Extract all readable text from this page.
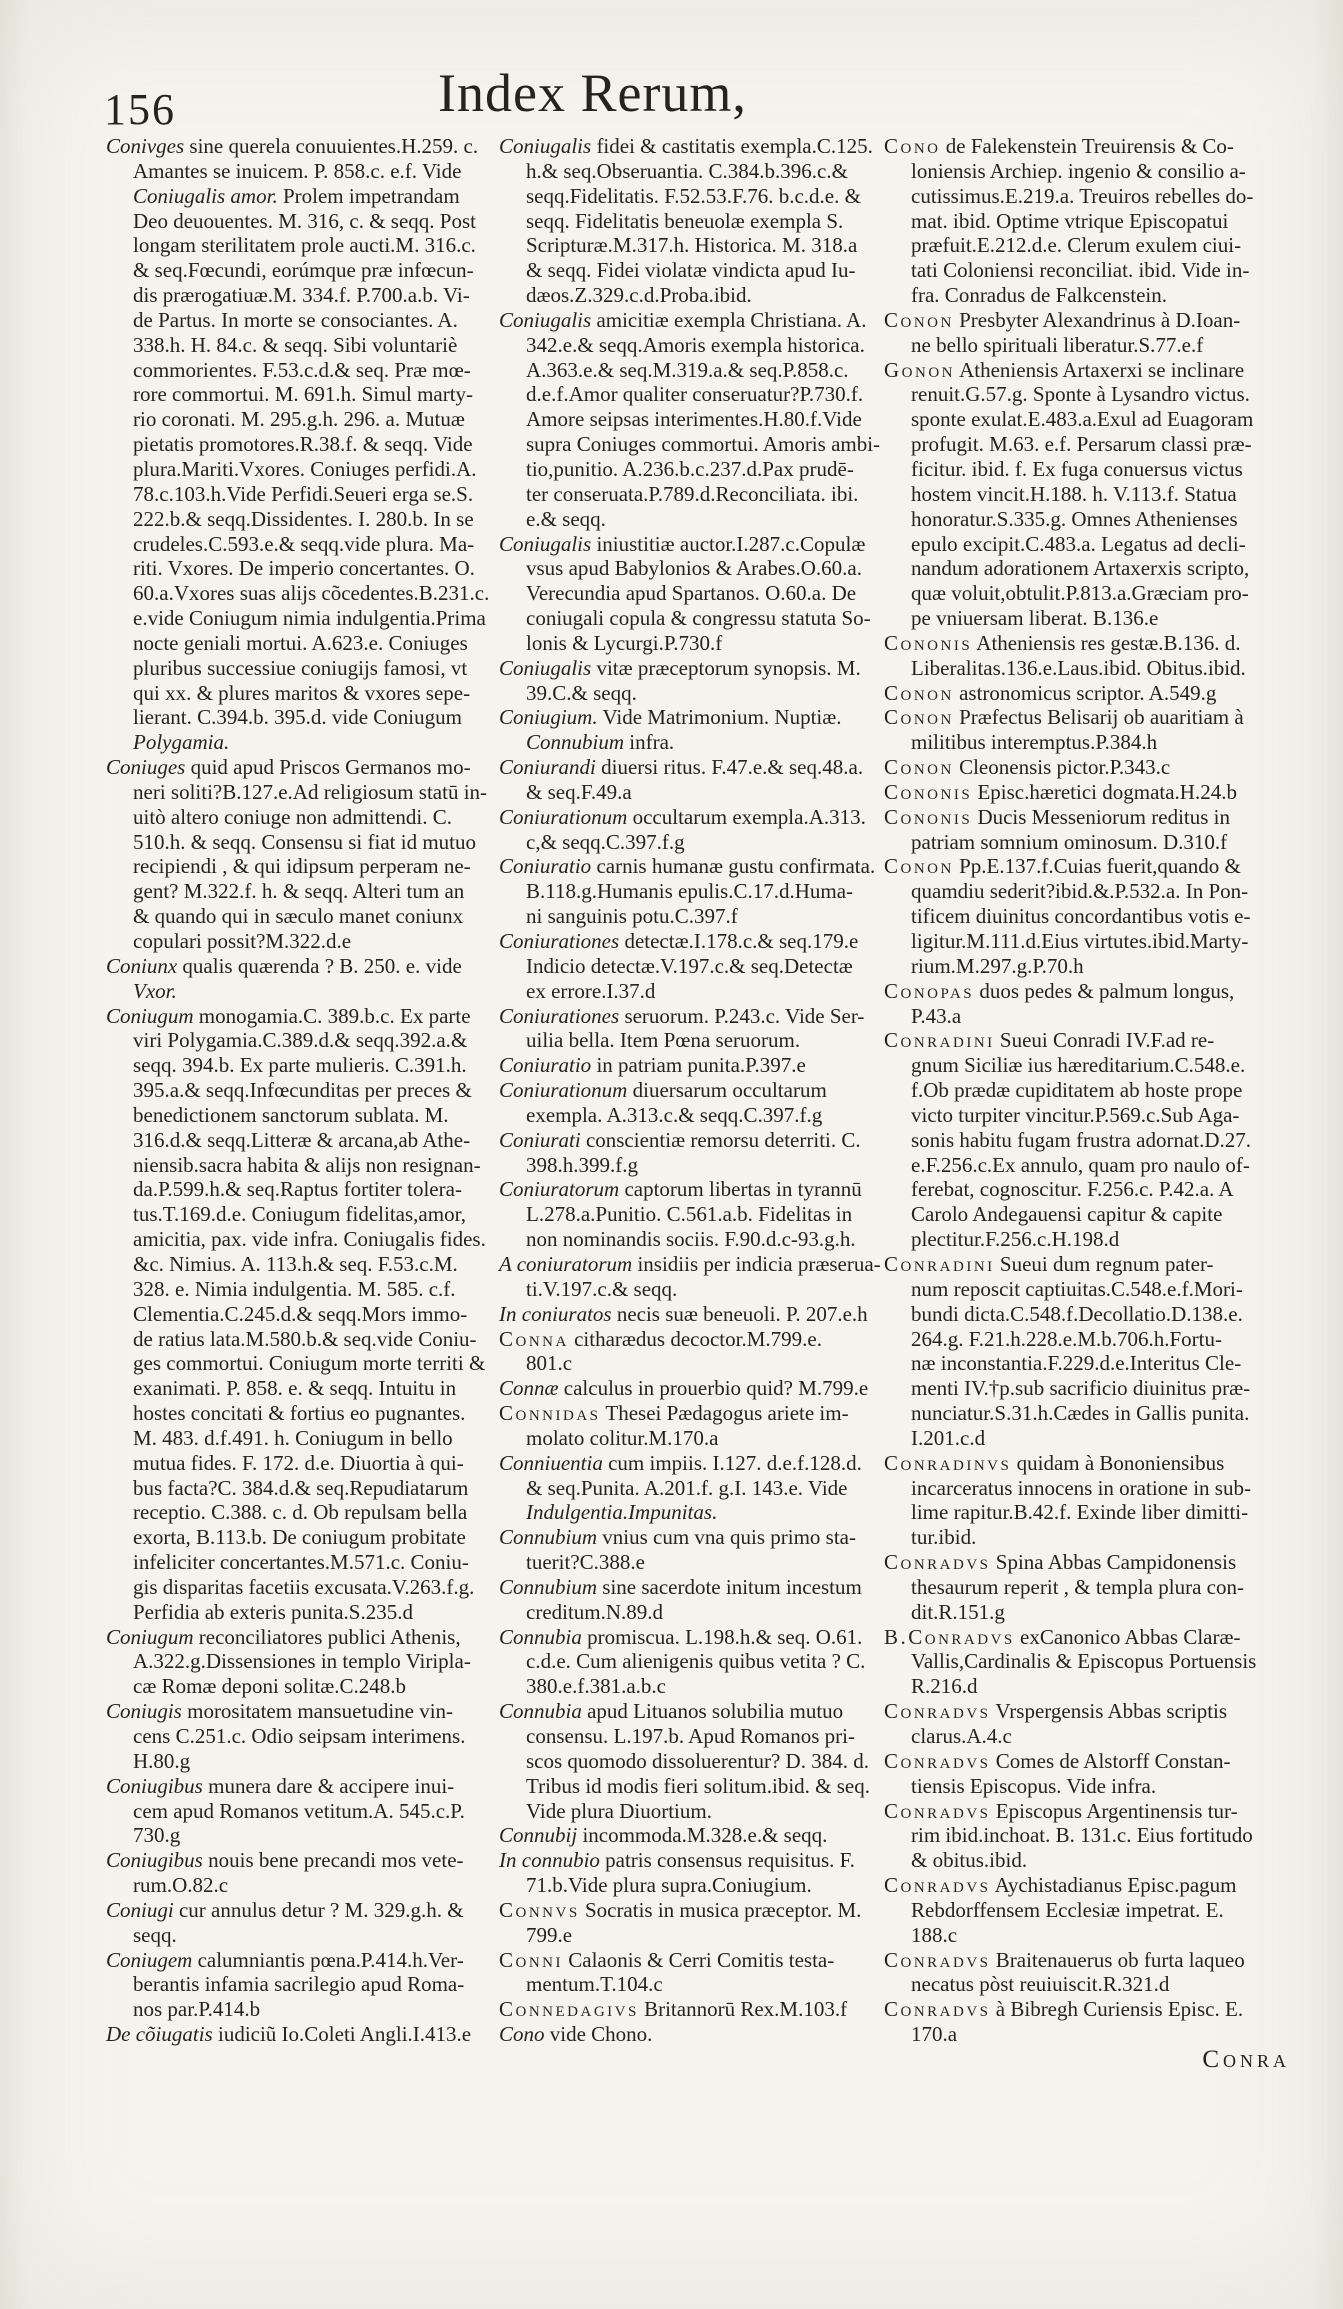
156	Index Rerum,
Conivges sine querela conuuientes.H.259. c.
Amantes se inuicem. P. 858.c. e.f. Vide
Coniugalis amor. Prolem impetrandam
Deo deuouentes. M. 316, c. & seqq. Post
longam sterilitatem prole aucti.M. 316.c.
& seq.Fœcundi, eorúmque præ infœcun-
dis prærogatiuæ.M. 334.f. P.700.a.b. Vi-
de Partus. In morte se consociantes. A.
338.h. H. 84.c. & seqq. Sibi voluntariè
commorientes. F.53.c.d.& seq. Præ mœ-
rore commortui. M. 691.h. Simul marty-
rio coronati. M. 295.g.h. 296. a. Mutuæ
pietatis promotores.R.38.f. & seqq. Vide
plura.Mariti.Vxores. Coniuges perfidi.A.
78.c.103.h.Vide Perfidi.Seueri erga se.S.
222.b.& seqq.Dissidentes. I. 280.b. In se
crudeles.C.593.e.& seqq.vide plura. Ma-
riti. Vxores. De imperio concertantes. O.
60.a.Vxores suas alijs cõcedentes.B.231.c.
e.vide Coniugum nimia indulgentia.Prima
nocte geniali mortui. A.623.e. Coniuges
pluribus successiue coniugijs famosi, vt
qui xx. & plures maritos & vxores sepe-
lierant. C.394.b. 395.d. vide Coniugum
Polygamia.
Coniuges quid apud Priscos Germanos mo-
neri soliti?B.127.e.Ad religiosum statū in-
uitò altero coniuge non admittendi. C.
510.h. & seqq. Consensu si fiat id mutuo
recipiendi , & qui idipsum perperam ne-
gent? M.322.f. h. & seqq. Alteri tum an
& quando qui in sæculo manet coniunx
copulari possit?M.322.d.e
Coniunx qualis quærenda ? B. 250. e. vide
Vxor.
Coniugum monogamia.C. 389.b.c. Ex parte
viri Polygamia.C.389.d.& seqq.392.a.&
seqq. 394.b. Ex parte mulieris. C.391.h.
395.a.& seqq.Infœcunditas per preces &
benedictionem sanctorum sublata. M.
316.d.& seqq.Litteræ & arcana,ab Athe-
niensib.sacra habita & alijs non resignan-
da.P.599.h.& seq.Raptus fortiter tolera-
tus.T.169.d.e. Coniugum fidelitas,amor,
amicitia, pax. vide infra. Coniugalis fides.
&c. Nimius. A. 113.h.& seq. F.53.c.M.
328. e. Nimia indulgentia. M. 585. c.f.
Clementia.C.245.d.& seqq.Mors immo-
de ratius lata.M.580.b.& seq.vide Coniu-
ges commortui. Coniugum morte territi &
exanimati. P. 858. e. & seqq. Intuitu in
hostes concitati & fortius eo pugnantes.
M. 483. d.f.491. h. Coniugum in bello
mutua fides. F. 172. d.e. Diuortia à qui-
bus facta?C. 384.d.& seq.Repudiatarum
receptio. C.388. c. d. Ob repulsam bella
exorta, B.113.b. De coniugum probitate
infeliciter concertantes.M.571.c. Coniu-
gis disparitas facetiis excusata.V.263.f.g.
Perfidia ab exteris punita.S.235.d
Coniugum reconciliatores publici Athenis,
A.322.g.Dissensiones in templo Viripla-
cæ Romæ deponi solitæ.C.248.b
Coniugis morositatem mansuetudine vin-
cens C.251.c. Odio seipsam interimens.
H.80.g
Coniugibus munera dare & accipere inui-
cem apud Romanos vetitum.A. 545.c.P.
730.g
Coniugibus nouis bene precandi mos vete-
rum.O.82.c
Coniugi cur annulus detur ? M. 329.g.h. &
seqq.
Coniugem calumniantis pœna.P.414.h.Ver-
berantis infamia sacrilegio apud Roma-
nos par.P.414.b
De cõiugatis iudiciũ Io.Coleti Angli.I.413.e
Coniugalis fidei & castitatis exempla.C.125.
h.& seq.Obseruantia. C.384.b.396.c.&
seqq.Fidelitatis. F.52.53.F.76. b.c.d.e. &
seqq. Fidelitatis beneuolæ exempla S.
Scripturæ.M.317.h. Historica. M. 318.a
& seqq. Fidei violatæ vindicta apud Iu-
dæos.Z.329.c.d.Proba.ibid.
Coniugalis amicitiæ exempla Christiana. A.
342.e.& seqq.Amoris exempla historica.
A.363.e.& seq.M.319.a.& seq.P.858.c.
d.e.f.Amor qualiter conseruatur?P.730.f.
Amore seipsas interimentes.H.80.f.Vide
supra Coniuges commortui. Amoris ambi-
tio,punitio. A.236.b.c.237.d.Pax prudē-
ter conseruata.P.789.d.Reconciliata. ibi.
e.& seqq.
Coniugalis iniustitiæ auctor.I.287.c.Copulæ
vsus apud Babylonios & Arabes.O.60.a.
Verecundia apud Spartanos. O.60.a. De
coniugali copula & congressu statuta So-
lonis & Lycurgi.P.730.f
Coniugalis vitæ præceptorum synopsis. M.
39.C.& seqq.
Coniugium. Vide Matrimonium. Nuptiæ.
Connubium infra.
Coniurandi diuersi ritus. F.47.e.& seq.48.a.
& seq.F.49.a
Coniurationum occultarum exempla.A.313.
c,& seqq.C.397.f.g
Coniuratio carnis humanæ gustu confirmata.
B.118.g.Humanis epulis.C.17.d.Huma-
ni sanguinis potu.C.397.f
Coniurationes detectæ.I.178.c.& seq.179.e
Indicio detectæ.V.197.c.& seq.Detectæ
ex errore.I.37.d
Coniurationes seruorum. P.243.c. Vide Ser-
uilia bella. Item Pœna seruorum.
Coniuratio in patriam punita.P.397.e
Coniurationum diuersarum occultarum
exempla. A.313.c.& seqq.C.397.f.g
Coniurati conscientiæ remorsu deterriti. C.
398.h.399.f.g
Coniuratorum captorum libertas in tyrannū
L.278.a.Punitio. C.561.a.b. Fidelitas in
non nominandis sociis. F.90.d.c-93.g.h.
A coniuratorum insidiis per indicia præserua-
ti.V.197.c.& seqq.
In coniuratos necis suæ beneuoli. P. 207.e.h
Conna citharædus decoctor.M.799.e.
801.c
Connæ calculus in prouerbio quid? M.799.e
Connidas Thesei Pædagogus ariete im-
molato colitur.M.170.a
Conniuentia cum impiis. I.127. d.e.f.128.d.
& seq.Punita. A.201.f. g.I. 143.e. Vide
Indulgentia.Impunitas.
Connubium vnius cum vna quis primo sta-
tuerit?C.388.e
Connubium sine sacerdote initum incestum
creditum.N.89.d
Connubia promiscua. L.198.h.& seq. O.61.
c.d.e. Cum alienigenis quibus vetita ? C.
380.e.f.381.a.b.c
Connubia apud Lituanos solubilia mutuo
consensu. L.197.b. Apud Romanos pri-
scos quomodo dissoluerentur? D. 384. d.
Tribus id modis fieri solitum.ibid. & seq.
Vide plura Diuortium.
Connubij incommoda.M.328.e.& seqq.
In connubio patris consensus requisitus. F.
71.b.Vide plura supra.Coniugium.
Connvs Socratis in musica præceptor. M.
799.e
Conni Calaonis & Cerri Comitis testa-
mentum.T.104.c
Connedagivs Britannorū Rex.M.103.f
Cono vide Chono.
Cono de Falekenstein Treuirensis & Co-
loniensis Archiep. ingenio & consilio a-
cutissimus.E.219.a. Treuiros rebelles do-
mat. ibid. Optime vtrique Episcopatui
præfuit.E.212.d.e. Clerum exulem ciui-
tati Coloniensi reconciliat. ibid. Vide in-
fra. Conradus de Falkcenstein.
Conon Presbyter Alexandrinus à D.Ioan-
ne bello spirituali liberatur.S.77.e.f
Gonon Atheniensis Artaxerxi se inclinare
renuit.G.57.g. Sponte à Lysandro victus.
sponte exulat.E.483.a.Exul ad Euagoram
profugit. M.63. e.f. Persarum classi præ-
ficitur. ibid. f. Ex fuga conuersus victus
hostem vincit.H.188. h. V.113.f. Statua
honoratur.S.335.g. Omnes Athenienses
epulo excipit.C.483.a. Legatus ad decli-
nandum adorationem Artaxerxis scripto,
quæ voluit,obtulit.P.813.a.Græciam pro-
pe vniuersam liberat. B.136.e
Cononis Atheniensis res gestæ.B.136. d.
Liberalitas.136.e.Laus.ibid. Obitus.ibid.
Conon astronomicus scriptor. A.549.g
Conon Præfectus Belisarij ob auaritiam à
militibus interemptus.P.384.h
Conon Cleonensis pictor.P.343.c
Cononis Episc.hæretici dogmata.H.24.b
Cononis Ducis Messeniorum reditus in
patriam somnium ominosum. D.310.f
Conon Pp.E.137.f.Cuias fuerit,quando &
quamdiu sederit?ibid.&.P.532.a. In Pon-
tificem diuinitus concordantibus votis e-
ligitur.M.111.d.Eius virtutes.ibid.Marty-
rium.M.297.g.P.70.h
Conopas duos pedes & palmum longus,
P.43.a
Conradini Sueui Conradi IV.F.ad re-
gnum Siciliæ ius hæreditarium.C.548.e.
f.Ob prædæ cupiditatem ab hoste prope
victo turpiter vincitur.P.569.c.Sub Aga-
sonis habitu fugam frustra adornat.D.27.
e.F.256.c.Ex annulo, quam pro naulo of-
ferebat, cognoscitur. F.256.c. P.42.a. A
Carolo Andegauensi capitur & capite
plectitur.F.256.c.H.198.d
Conradini Sueui dum regnum pater-
num reposcit captiuitas.C.548.e.f.Mori-
bundi dicta.C.548.f.Decollatio.D.138.e.
264.g. F.21.h.228.e.M.b.706.h.Fortu-
næ inconstantia.F.229.d.e.Interitus Cle-
menti IV.†p.sub sacrificio diuinitus præ-
nunciatur.S.31.h.Cædes in Gallis punita.
I.201.c.d
Conradinvs quidam à Bononiensibus
incarceratus innocens in oratione in sub-
lime rapitur.B.42.f. Exinde liber dimitti-
tur.ibid.
Conradvs Spina Abbas Campidonensis
thesaurum reperit , & templa plura con-
dit.R.151.g
B.Conradvs exCanonico Abbas Claræ-
Vallis,Cardinalis & Episcopus Portuensis
R.216.d
Conradvs Vrspergensis Abbas scriptis
clarus.A.4.c
Conradvs Comes de Alstorff Constan-
tiensis Episcopus. Vide infra.
Conradvs Episcopus Argentinensis tur-
rim ibid.inchoat. B. 131.c. Eius fortitudo
& obitus.ibid.
Conradvs Aychistadianus Episc.pagum
Rebdorffensem Ecclesiæ impetrat. E.
188.c
Conradvs Braitenauerus ob furta laqueo
necatus pòst reuiuiscit.R.321.d
Conradvs à Bibregh Curiensis Episc. E.
170.a
Conra
